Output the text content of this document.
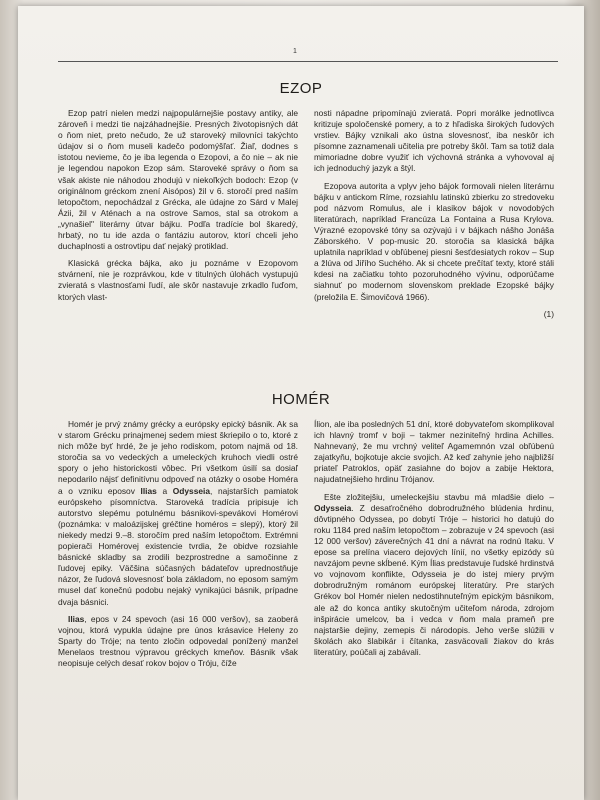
1
EZOP

Ezop patrí nielen medzi najpopulárnejšie postavy antiky, ale zároveň i medzi tie najzáhadnejšie. Presných životopisných dát o ňom niet, preto nečudo, že už staroveký milovníci takýchto údajov si o ňom museli kadečo podomýšľať. Žiaľ, dodnes s istotou nevieme, čo je iba legenda o Ezopovi, a čo nie – ak nie je legendou napokon Ezop sám. Staroveké správy o ňom sa však akiste nie náhodou zhodujú v niekoľkých bodoch: Ezop (v originálnom gréckom znení Aisópos) žil v 6. storočí pred naším letopočtom, nepochádzal z Grécka, ale údajne zo Sárd v Malej Ázii, žil v Aténach a na ostrove Samos, stal sa otrokom a „vynašiel" literárny útvar bájku. Podľa tradície bol škaredý, hrbatý, no tu ide azda o fantáziu autorov, ktorí chceli jeho duchaplnosti a ostrovtipu dať nejaký protiklad.

Klasická grécka bájka, ako ju poznáme v Ezopovom stvárnení, nie je rozprávkou, kde v titulných úlohách vystupujú zvieratá s vlastnosťami ľudí, ale skôr nastavuje zrkadlo ľuďom, ktorých vlast-

nosti nápadne pripomínajú zvieratá. Popri morálke jednotlivca kritizuje spoločenské pomery, a to z hľadiska širokých ľudových vrstiev. Bájky vznikali ako ústna slovesnosť, iba neskôr ich písomne zaznamenali učitelia pre potreby škôl. Tam sa totiž dala mimoriadne dobre využiť ich výchovná stránka a vyhovoval aj ich jednoduchý jazyk a štýl.

Ezopova autorita a vplyv jeho bájok formovali nielen literárnu bájku v antickom Ríme, rozsiahlu latinskú zbierku zo stredoveku pod názvom Romulus, ale i klasikov bájok v novodobých literatúrach, napríklad Francúza La Fontaina a Rusa Krylova. Výrazné ezopovské tóny sa ozývajú i v bájkach nášho Jonáša Záborského. V pop-music 20. storočia sa klasická bájka uplatnila napríklad v obľúbenej piesni šesťdesiatych rokov – Sup a žlúva od Jiřího Suchého. Ak si chcete prečítať texty, ktoré stáli kdesi na začiatku tohto pozoruhodného vývinu, odporúčame siahnuť po modernom slovenskom preklade Ezopské bájky (preložila E. Šimovičová 1966).

(1)
HOMÉR

Homér je prvý známy grécky a európsky epický básnik. Ak sa v starom Grécku prinajmenej sedem miest škriepilo o to, ktoré z nich môže byť hrdé, že je jeho rodiskom, potom najmä od 18. storočia sa vo vedeckých a umeleckých kruhoch viedli ostré spory o jeho historickosti vôbec. Pri všetkom úsilí sa dosiaľ nepodarilo nájsť definitívnu odpoveď na otázky o osobe Homéra a o vzniku eposov Ilias a Odysseia, najstarších pamiatok európskeho písomníctva. Staroveká tradícia pripisuje ich autorstvo slepému potulnému básnikovi-spevákovi Homérovi (poznámka: v maloázijskej gréčtine homéros = slepý), ktorý žil niekedy medzi 9.–8. storočím pred naším letopočtom. Extrémni popierači Homérovej existencie tvrdia, že obidve rozsiahle básnické skladby sa zrodili bezprostredne a samočinne z ľudovej epiky. Väčšina súčasných bádateľov uprednostňuje názor, že ľudová slovesnosť bola základom, no eposom samým musel dať konečnú podobu nejaký vynikajúci básnik, prípadne dvaja básnici.

Ilias, epos v 24 spevoch (asi 16 000 veršov), sa zaoberá vojnou, ktorá vypukla údajne pre únos krásavice Heleny zo Sparty do Tróje; na tento zločin odpovedal ponížený manžel Menelaos trestnou výpravou gréckych kmeňov. Básnik však neopisuje celých desať rokov bojov o Tróju, číže

Ílion, ale iba posledných 51 dní, ktoré dobyvateľom skomplikoval ich hlavný tromf v boji – takmer neziniteľný hrdina Achilles. Nahnevaný, že mu vrchný veliteľ Agamemnón vzal obľúbenú zajatkyňu, bojkotuje akcie svojich. Až keď zahynie jeho najbližší priateľ Patroklos, opäť zasiahne do bojov a zabije Hektora, najudatnejšieho hrdinu Trójanov.

Ešte zložitejšiu, umeleckejšiu stavbu má mladšie dielo – Odysseia. Z desaťročného dobrodružného blúdenia hrdinu, dôvtipného Odyssea, po dobytí Tróje – historici ho datujú do roku 1184 pred naším letopočtom – zobrazuje v 24 spevoch (asi 12 000 veršov) záverečných 41 dní a návrat na rodnú Itaku. V epose sa prelína viacero dejových línií, no všetky epizódy sú navzájom pevne skĺbené. Kým Ílias predstavuje ľudské hrdinstvá vo vojnovom konflikte, Odysseia je do istej miery prvým dobrodružným románom európskej literatúry. Pre starých Grékov bol Homér nielen nedostihnuteľným epickým básnikom, ale až do konca antiky skutočným učiteľom národa, zdrojom inšpirácie umelcov, ba i vedca v ňom mala prameň pre najstaršie dejiny, zemepis či národopis. Jeho verše slúžili v školách ako šlabikár i čítanka, zasväcovali žiakov do krás literatúry, poúčali aj zabávali.
